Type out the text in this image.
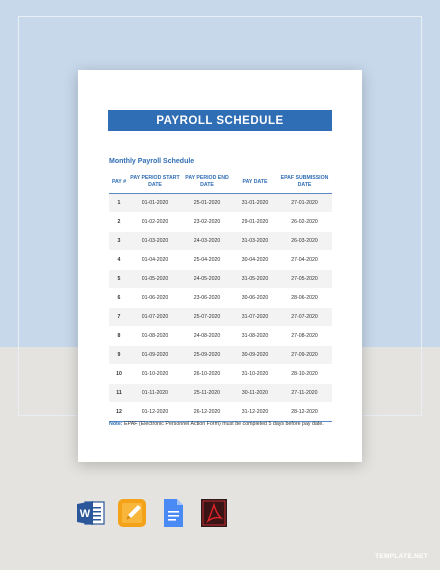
PAYROLL SCHEDULE
Monthly Payroll Schedule
PAY #	PAY PERIOD START DATE	PAY PERIOD END DATE	PAY DATE	EPAF SUBMISSION DATE
1	01-01-2020	25-01-2020	31-01-2020	27-01-2020
2	01-02-2020	23-02-2020	29-01-2020	26-02-2020
3	01-03-2020	24-03-2020	31-03-2020	26-03-2020
4	01-04-2020	25-04-2020	30-04-2020	27-04-2020
5	01-05-2020	24-05-2020	31-05-2020	27-05-2020
6	01-06-2020	23-06-2020	30-06-2020	28-06-2020
7	01-07-2020	25-07-2020	31-07-2020	27-07-2020
8	01-08-2020	24-08-2020	31-08-2020	27-08-2020
9	01-09-2020	25-09-2020	30-09-2020	27-09-2020
10	01-10-2020	26-10-2020	31-10-2020	28-10-2020
11	01-11-2020	25-11-2020	30-11-2020	27-11-2020
12	01-12-2020	26-12-2020	31-12-2020	28-12-2020
Note: EPAF (Electronic Personnel Action Form) must be completed 5 days before pay date.
W
TEMPLATE.NET
